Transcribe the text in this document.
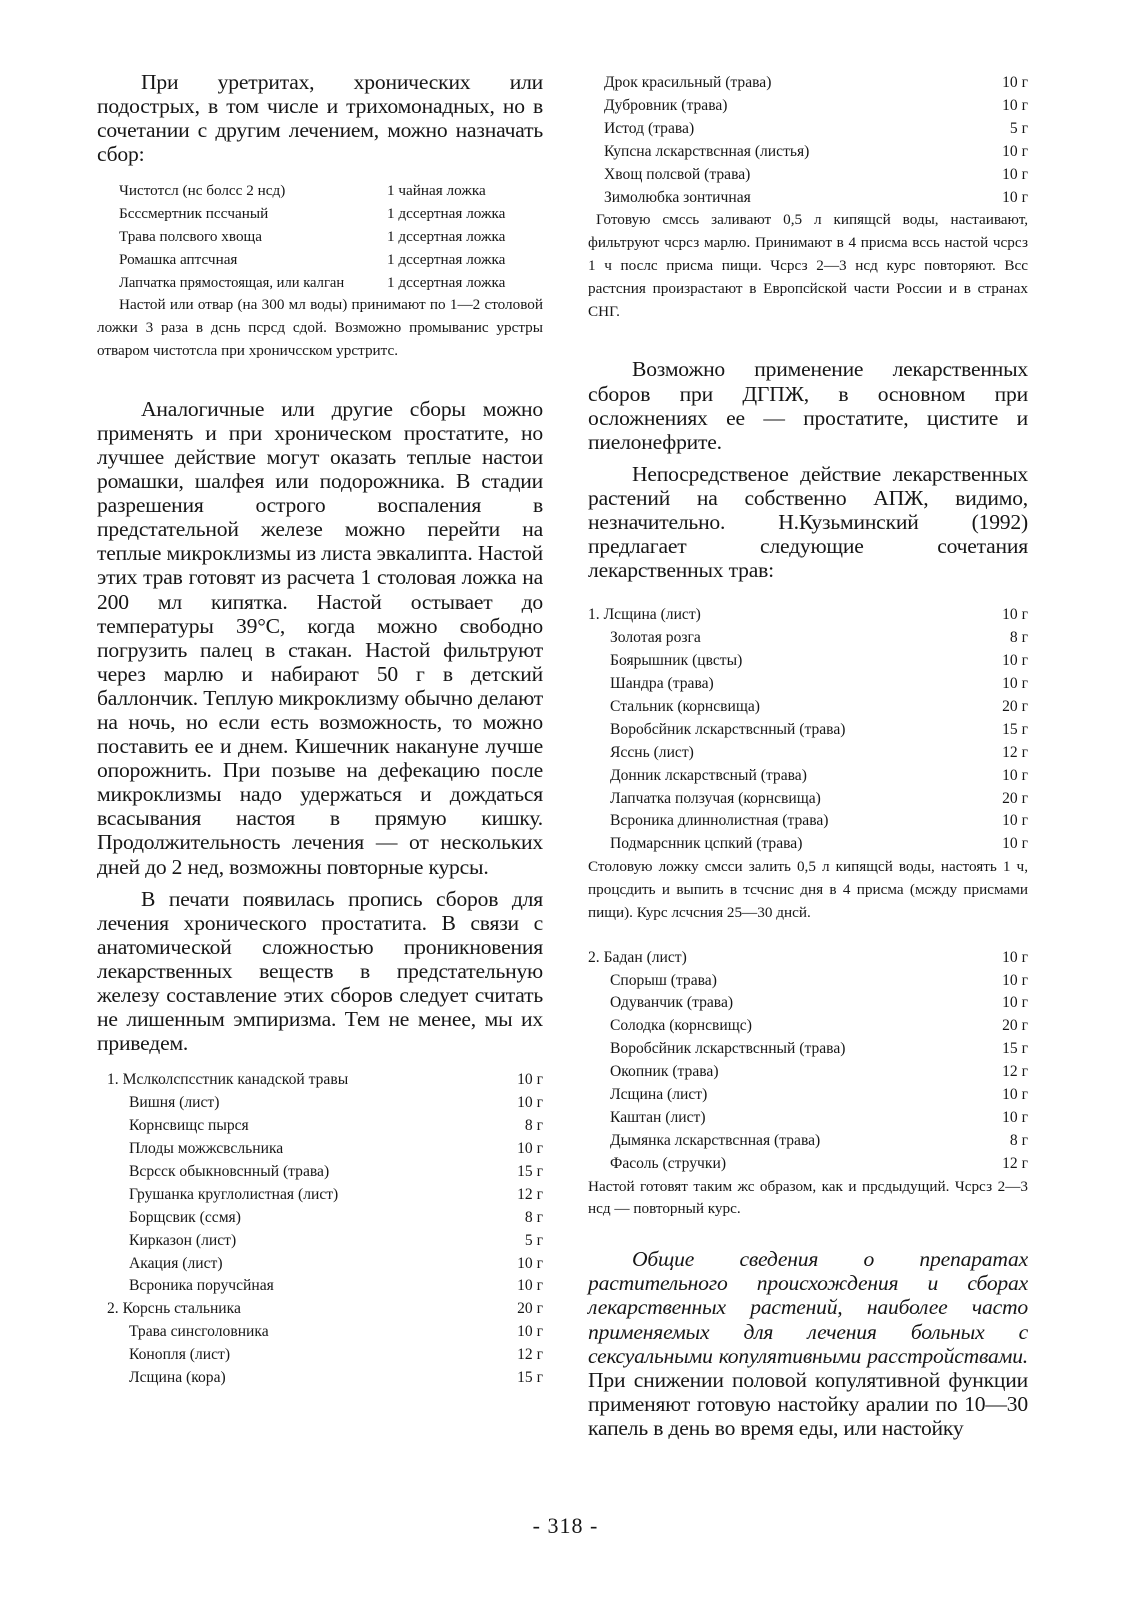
При уретритах, хронических или подострых, в том числе и трихомонадных, но в сочетании с другим лечением, можно назначать сбор:

Чистотсл (нс болсс 2 нсд)	1 чайная ложка
Бсссмертник псcчаный	1 дссертная ложка
Трава полсвого хвоща	1 дссертная ложка
Ромашка аптсчная	1 дссертная ложка
Лапчатка прямостоящая, или калган	1 дссертная ложка

Настой или отвар (на 300 мл воды) принимают по 1—2 столовой ложки 3 раза в дснь пcрсд сдой. Возможно промываниc урстры отваром чистотсла при хроничсском урстритс.

Аналогичные или другие сборы можно применять и при хроническом простатите, но лучшее действие могут оказать теплые настои ромашки, шалфея или подорожника. В стадии разрешения острого воспаления в предстательной железе можно перейти на теплые микроклизмы из листа эвкалипта. Настой этих трав готовят из расчета 1 столовая ложка на 200 мл кипятка. Настой остывает до температуры 39°С, когда можно свободно погрузить палец в стакан. Настой фильтруют через марлю и набирают 50 г в детский баллончик. Теплую микроклизму обычно делают на ночь, но если есть возможность, то можно поставить ее и днем. Кишечник накануне лучше опорожнить. При позыве на дефекацию после микроклизмы надо удержаться и дождаться всасывания настоя в прямую кишку. Продолжительность лечения — от нескольких дней до 2 нед, возможны повторные курсы.

В печати появилась пропись сборов для лечения хронического простатита. В связи с анатомической сложностью проникновения лекарственных веществ в предстательную железу составление этих сборов следует считать не лишенным эмпиризма. Тем не менее, мы их приведем.

1. Мслколспсстник канадской травы	10 г
Вишня (лист)	10 г
Корнсвищс пырся	8 г
Плоды можжсвсльника	10 г
Вcрсск обыкновснный (трава)	15 г
Грушанка круглолистная (лист)	12 г
Борщсвик (ссмя)	8 г
Кирказон (лист)	5 г
Акация (лист)	10 г
Вcроника поручсйная	10 г
2. Корснь стальника	20 г
Трава синсголовника	10 г
Конопля (лист)	12 г
Лсщина (кора)	15 г
Дрок красильный (трава)	10 г
Дубровник (трава)	10 г
Истод (трава)	5 г
Купсна лскарствснная (листья)	10 г
Хвощ полсвой (трава)	10 г
Зимолюбка зонтичная	10 г

Готовую смссь заливают 0,5 л кипящсй воды, настаивают, фильтруют чсрсз марлю. Принимают в 4 присма всcь настой чсрсз 1 ч послс присма пищи. Чсрсз 2—3 нсд курс повторяют. Всс растсния произрастают в Европcйской части России и в странах СНГ.

Возможно применение лекарственных сборов при ДГПЖ, в основном при осложнениях ее — простатите, цистите и пиелонефрите.

Непосредственое действие лекарственных растений на собственно АПЖ, видимо, незначительно. Н.Кузьминский (1992) предлагает следующие сочетания лекарственных трав:

1. Лсщина (лист)	10 г
Золотая розга	8 г
Боярышник (цвсты)	10 г
Шандра (трава)	10 г
Стальник (корнсвища)	20 г
Воробсйник лскарствснный (трава)	15 г
Ясснь (лист)	12 г
Донник лскарствсный (трава)	10 г
Лапчатка ползучая (корнсвища)	20 г
Всроника длиннолистная (трава)	10 г
Подмарснник цспкий (трава)	10 г

Столовую ложку смсси залить 0,5 л кипящсй воды, настоять 1 ч, процсдить и выпить в тсчснис дня в 4 присма (мсжду присмами пищи). Курс лсчсния 25—30 днсй.

2. Бадан (лист)	10 г
Спорыш (трава)	10 г
Одуванчик (трава)	10 г
Солодка (корнсвищс)	20 г
Воробсйник лскарствснный (трава)	15 г
Окопник (трава)	12 г
Лсщина (лист)	10 г
Каштан (лист)	10 г
Дымянка лскарствснная (трава)	8 г
Фасоль (стручки)	12 г

Настой готовят таким жс образом, как и прсдыдущий. Чсрсз 2—3 нсд — повторный курс.

Общие сведения о препаратах растительного происхождения и сборах лекарственных растений, наиболее часто применяемых для лечения больных с сексуальными копулятивными расстройствами. При снижении половой копулятивной функции применяют готовую настойку аралии по 10—30 капель в день во время еды, или настойку

- 318 -
